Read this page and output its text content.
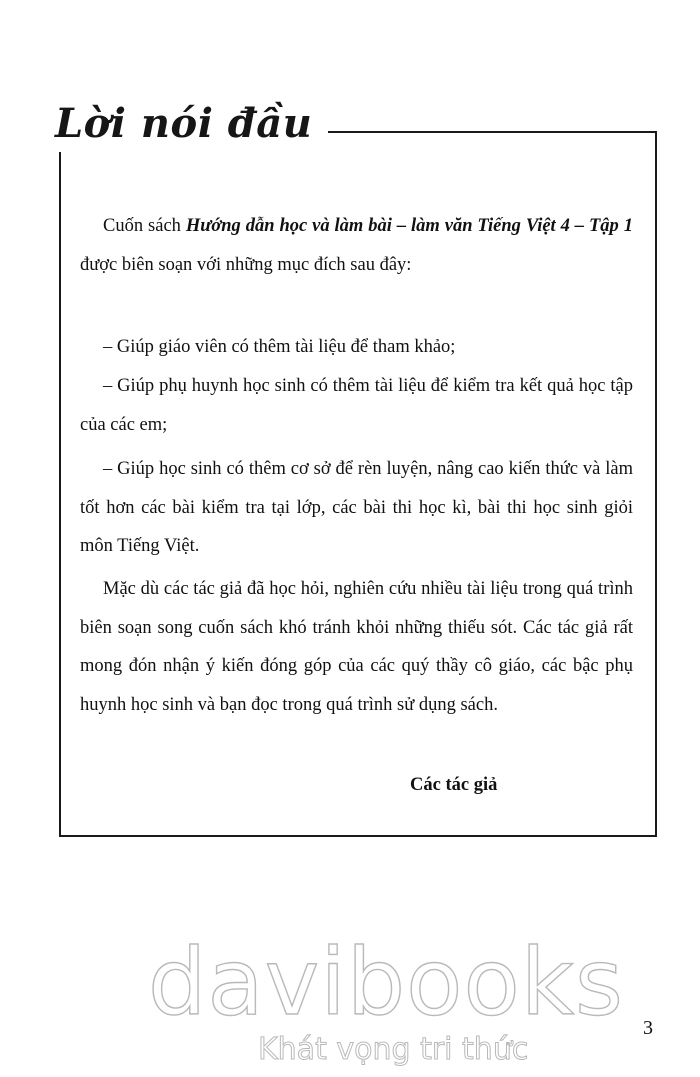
Lời nói đầu

Cuốn sách Hướng dẫn học và làm bài – làm văn Tiếng Việt 4 – Tập 1 được biên soạn với những mục đích sau đây:

– Giúp giáo viên có thêm tài liệu để tham khảo;

– Giúp phụ huynh học sinh có thêm tài liệu để kiểm tra kết quả học tập của các em;

– Giúp học sinh có thêm cơ sở để rèn luyện, nâng cao kiến thức và làm tốt hơn các bài kiểm tra tại lớp, các bài thi học kì, bài thi học sinh giỏi môn Tiếng Việt.

Mặc dù các tác giả đã học hỏi, nghiên cứu nhiều tài liệu trong quá trình biên soạn song cuốn sách khó tránh khỏi những thiếu sót. Các tác giả rất mong đón nhận ý kiến đóng góp của các quý thầy cô giáo, các bậc phụ huynh học sinh và bạn đọc trong quá trình sử dụng sách.

Các tác giả
davibooks
Khát vọng tri thức
3
